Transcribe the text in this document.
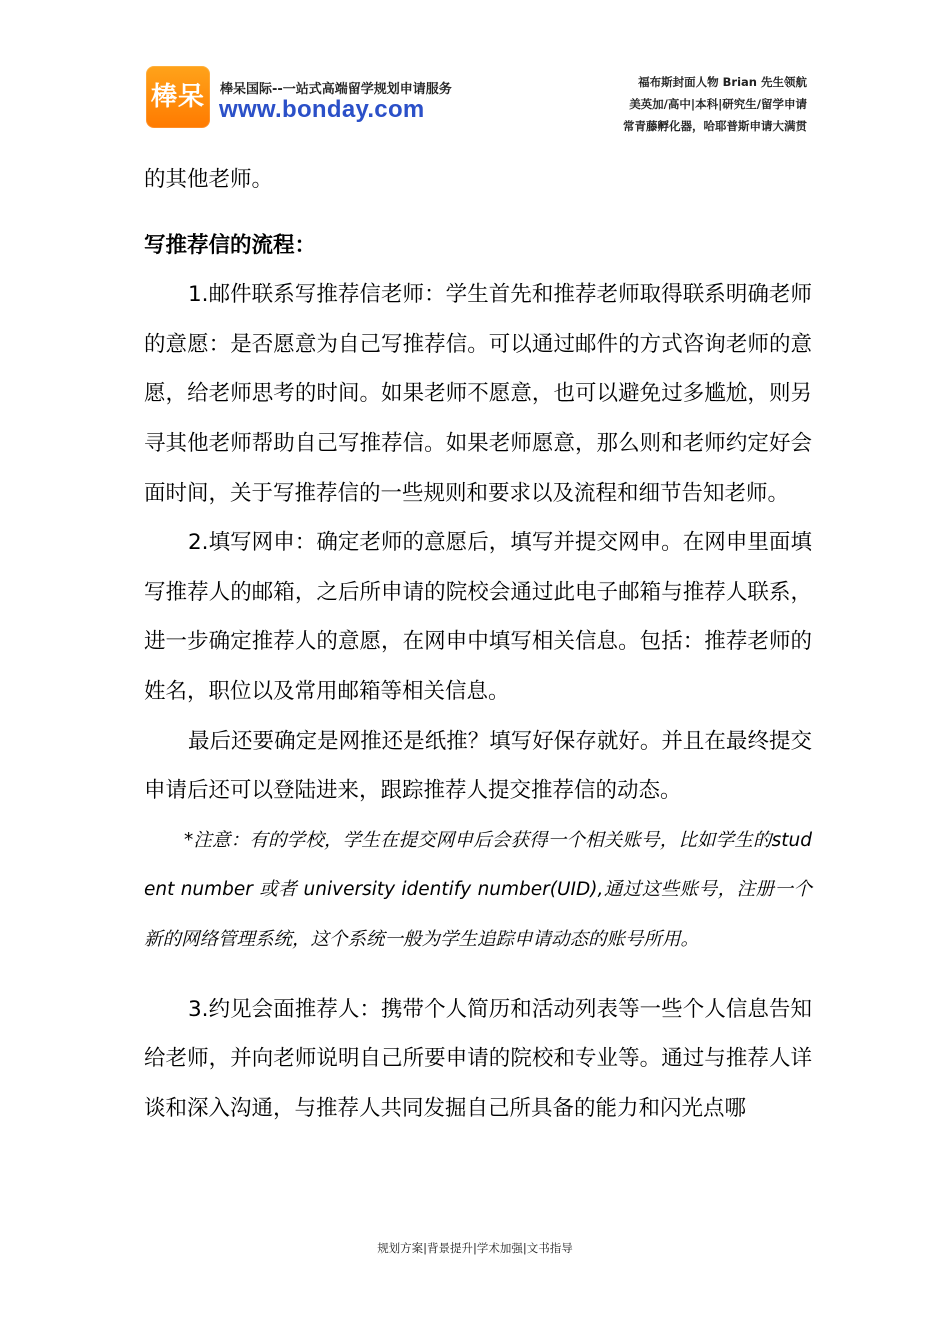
棒呆 棒呆国际--一站式高端留学规划申请服务
www.bonday.com
福布斯封面人物 Brian 先生领航
美英加/高中|本科|研究生/留学申请
常青藤孵化器，哈耶普斯申请大满贯

的其他老师。

写推荐信的流程：

1.邮件联系写推荐信老师：学生首先和推荐老师取得联系明确老师的意愿：是否愿意为自己写推荐信。可以通过邮件的方式咨询老师的意愿，给老师思考的时间。如果老师不愿意，也可以避免过多尴尬，则另寻其他老师帮助自己写推荐信。如果老师愿意，那么则和老师约定好会面时间，关于写推荐信的一些规则和要求以及流程和细节告知老师。

2.填写网申：确定老师的意愿后，填写并提交网申。在网申里面填写推荐人的邮箱，之后所申请的院校会通过此电子邮箱与推荐人联系，进一步确定推荐人的意愿，在网申中填写相关信息。包括：推荐老师的姓名，职位以及常用邮箱等相关信息。

最后还要确定是网推还是纸推？填写好保存就好。并且在最终提交申请后还可以登陆进来，跟踪推荐人提交推荐信的动态。

*注意：有的学校，学生在提交网申后会获得一个相关账号，比如学生的student number 或者 university identify number(UID),通过这些账号，注册一个新的网络管理系统，这个系统一般为学生追踪申请动态的账号所用。

3.约见会面推荐人：携带个人简历和活动列表等一些个人信息告知给老师，并向老师说明自己所要申请的院校和专业等。通过与推荐人详谈和深入沟通，与推荐人共同发掘自己所具备的能力和闪光点哪

规划方案|背景提升|学术加强|文书指导
